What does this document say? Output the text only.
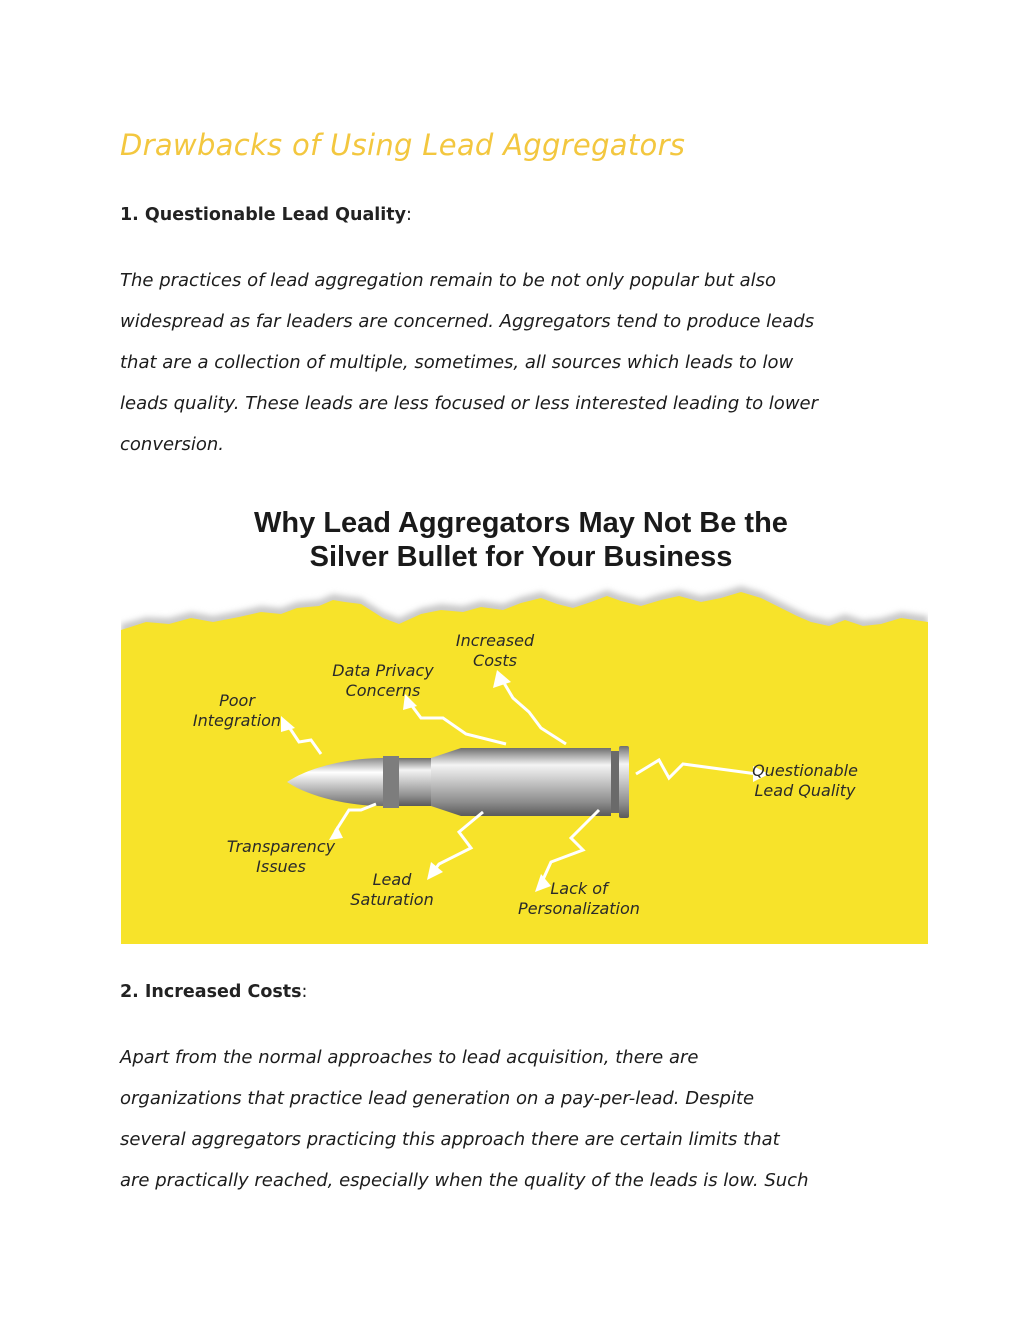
Drawbacks of Using Lead Aggregators
1. Questionable Lead Quality:

The practices of lead aggregation remain to be not only popular but also
widespread as far leaders are concerned. Aggregators tend to produce leads
that are a collection of multiple, sometimes, all sources which leads to low
leads quality. These leads are less focused or less interested leading to lower
conversion.

Why Lead Aggregators May Not Be the
Silver Bullet for Your Business
Increased
Costs
Data Privacy
Concerns
Poor
Integration
Questionable
Lead Quality
Transparency
Issues
Lead
Saturation
Lack of
Personalization
2. Increased Costs:

Apart from the normal approaches to lead acquisition, there are
organizations that practice lead generation on a pay-per-lead. Despite
several aggregators practicing this approach there are certain limits that
are practically reached, especially when the quality of the leads is low. Such
